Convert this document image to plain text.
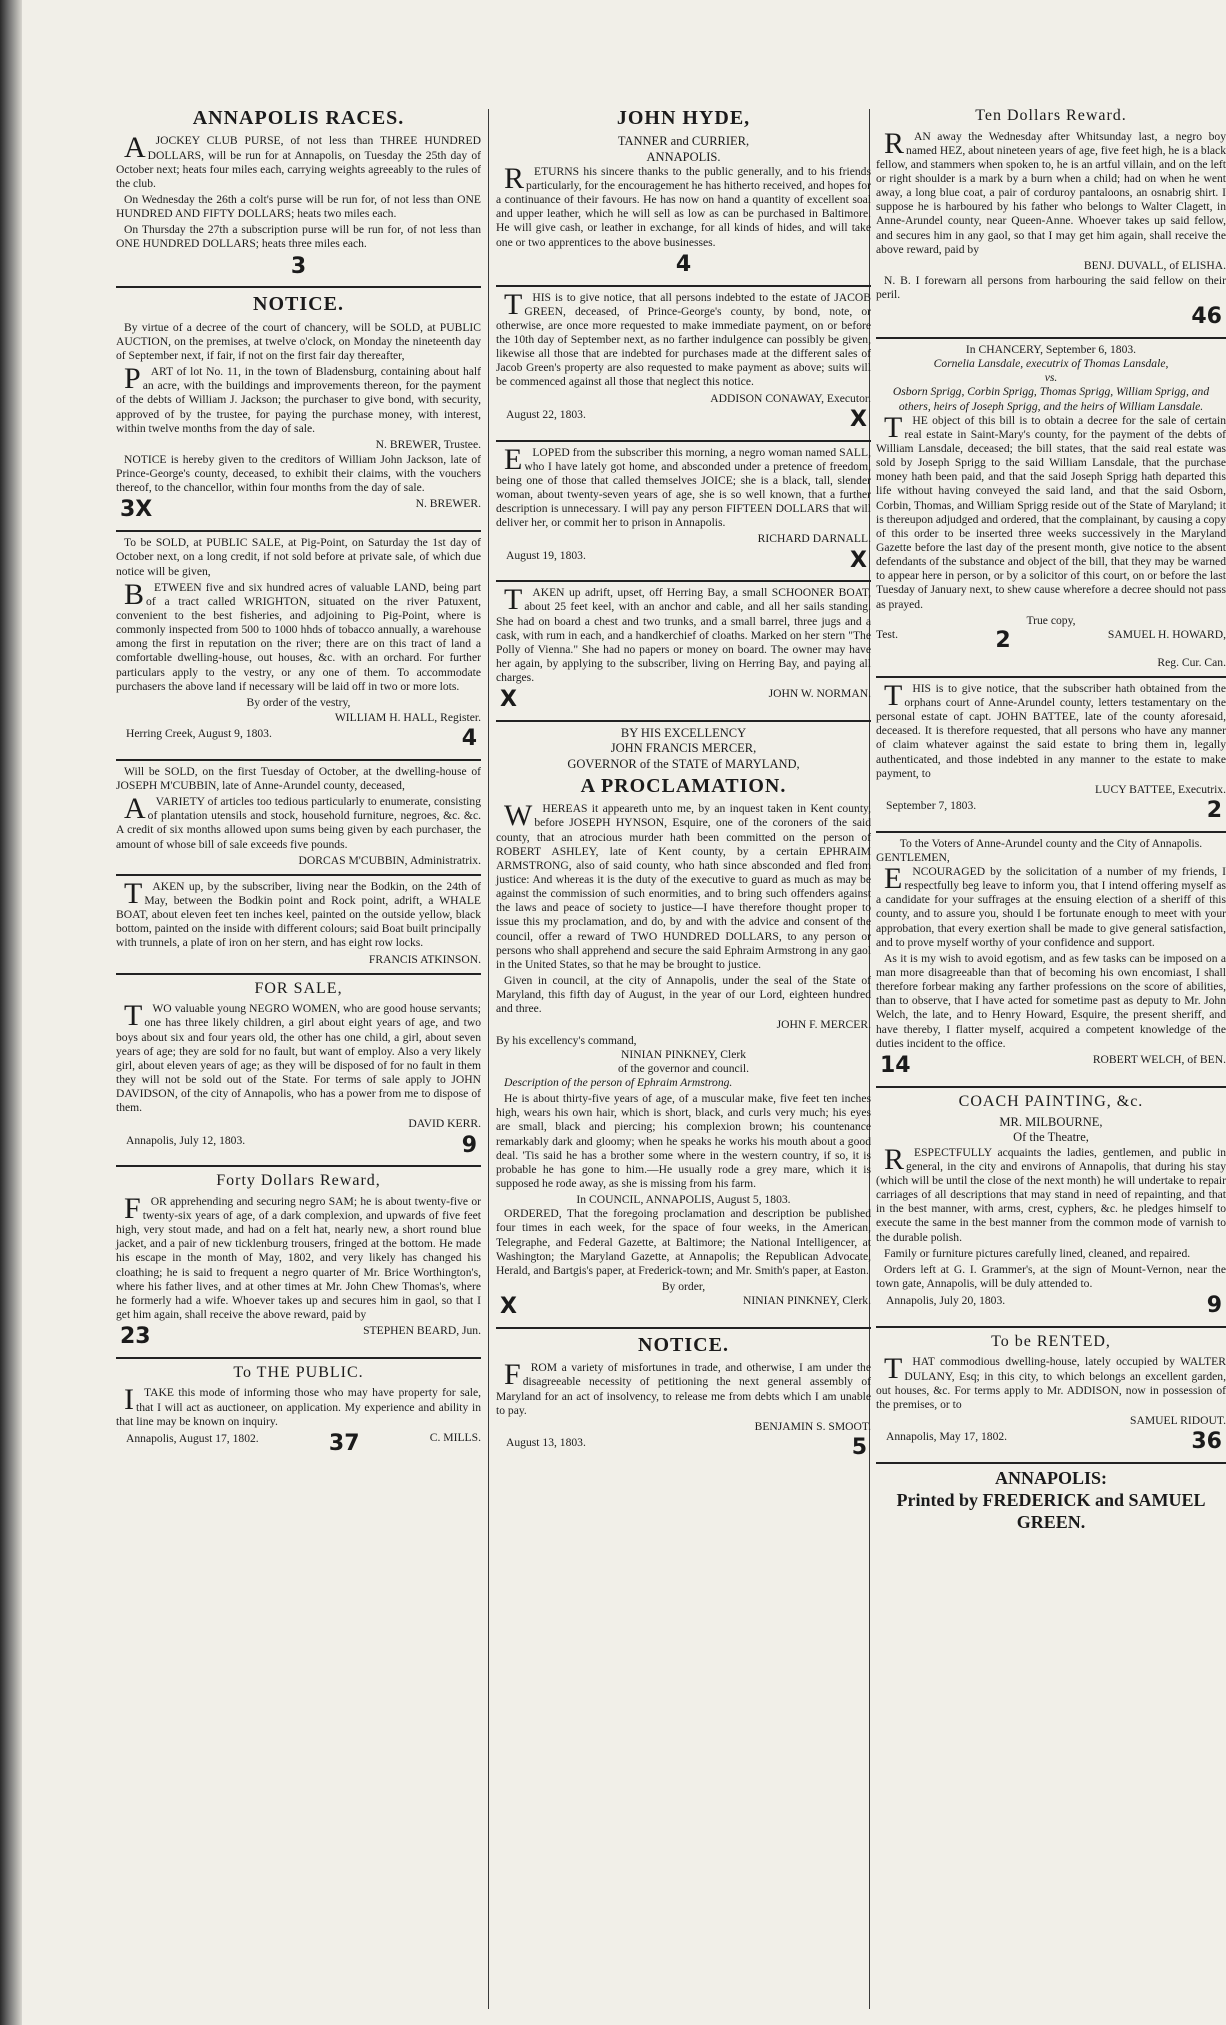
ANNAPOLIS RACES.

AJOCKEY CLUB PURSE, of not less than THREE HUNDRED DOLLARS, will be run for at Annapolis, on Tuesday the 25th day of October next; heats four miles each, carrying weights agreeably to the rules of the club.

On Wednesday the 26th a colt's purse will be run for, of not less than ONE HUNDRED AND FIFTY DOLLARS; heats two miles each.

On Thursday the 27th a subscription purse will be run for, of not less than ONE HUNDRED DOLLARS; heats three miles each.

3
NOTICE.

By virtue of a decree of the court of chancery, will be SOLD, at PUBLIC AUCTION, on the premises, at twelve o'clock, on Monday the nineteenth day of September next, if fair, if not on the first fair day thereafter,

PART of lot No. 11, in the town of Bladensburg, containing about half an acre, with the buildings and improvements thereon, for the payment of the debts of William J. Jackson; the purchaser to give bond, with security, approved of by the trustee, for paying the purchase money, with interest, within twelve months from the day of sale.

N. BREWER, Trustee.

NOTICE is hereby given to the creditors of William John Jackson, late of Prince-George's county, deceased, to exhibit their claims, with the vouchers thereof, to the chancellor, within four months from the day of sale.

3X	N. BREWER.

To be SOLD, at PUBLIC SALE, at Pig-Point, on Saturday the 1st day of October next, on a long credit, if not sold before at private sale, of which due notice will be given,

BETWEEN five and six hundred acres of valuable LAND, being part of a tract called WRIGHTON, situated on the river Patuxent, convenient to the best fisheries, and adjoining to Pig-Point, where is commonly inspected from 500 to 1000 hhds of tobacco annually, a warehouse among the first in reputation on the river; there are on this tract of land a comfortable dwelling-house, out houses, &c. with an orchard. For further particulars apply to the vestry, or any one of them. To accommodate purchasers the above land if necessary will be laid off in two or more lots.

By order of the vestry,
WILLIAM H. HALL, Register.
Herring Creek, August 9, 1803.	4

Will be SOLD, on the first Tuesday of October, at the dwelling-house of JOSEPH M'CUBBIN, late of Anne-Arundel county, deceased,

AVARIETY of articles too tedious particularly to enumerate, consisting of plantation utensils and stock, household furniture, negroes, &c. &c. A credit of six months allowed upon sums being given by each purchaser, the amount of whose bill of sale exceeds five pounds.

DORCAS M'CUBBIN, Administratrix.

TAKEN up, by the subscriber, living near the Bodkin, on the 24th of May, between the Bodkin point and Rock point, adrift, a WHALE BOAT, about eleven feet ten inches keel, painted on the outside yellow, black bottom, painted on the inside with different colours; said Boat built principally with trunnels, a plate of iron on her stern, and has eight row locks.

FRANCIS ATKINSON.
FOR SALE,

TWO valuable young NEGRO WOMEN, who are good house servants; one has three likely children, a girl about eight years of age, and two boys about six and four years old, the other has one child, a girl, about seven years of age; they are sold for no fault, but want of employ. Also a very likely girl, about eleven years of age; as they will be disposed of for no fault in them they will not be sold out of the State. For terms of sale apply to JOHN DAVIDSON, of the city of Annapolis, who has a power from me to dispose of them.

DAVID KERR.
Annapolis, July 12, 1803.	9
Forty Dollars Reward,

FOR apprehending and securing negro SAM; he is about twenty-five or twenty-six years of age, of a dark complexion, and upwards of five feet high, very stout made, and had on a felt hat, nearly new, a short round blue jacket, and a pair of new ticklenburg trousers, fringed at the bottom. He made his escape in the month of May, 1802, and very likely has changed his cloathing; he is said to frequent a negro quarter of Mr. Brice Worthington's, where his father lives, and at other times at Mr. John Chew Thomas's, where he formerly had a wife. Whoever takes up and secures him in gaol, so that I get him again, shall receive the above reward, paid by

23	STEPHEN BEARD, Jun.
To THE PUBLIC.

ITAKE this mode of informing those who may have property for sale, that I will act as auctioneer, on application. My experience and ability in that line may be known on inquiry.

Annapolis, August 17, 1802.	37	C. MILLS.
JOHN HYDE,
TANNER and CURRIER,
ANNAPOLIS.

RETURNS his sincere thanks to the public generally, and to his friends particularly, for the encouragement he has hitherto received, and hopes for a continuance of their favours. He has now on hand a quantity of excellent soal and upper leather, which he will sell as low as can be purchased in Baltimore. He will give cash, or leather in exchange, for all kinds of hides, and will take one or two apprentices to the above businesses.

4

THIS is to give notice, that all persons indebted to the estate of JACOB GREEN, deceased, of Prince-George's county, by bond, note, or otherwise, are once more requested to make immediate payment, on or before the 10th day of September next, as no farther indulgence can possibly be given, likewise all those that are indebted for purchases made at the different sales of Jacob Green's property are also requested to make payment as above; suits will be commenced against all those that neglect this notice.

ADDISON CONAWAY, Executor.
August 22, 1803.	X

ELOPED from the subscriber this morning, a negro woman named SALL, who I have lately got home, and absconded under a pretence of freedom, being one of those that called themselves JOICE; she is a black, tall, slender woman, about twenty-seven years of age, she is so well known, that a further description is unnecessary. I will pay any person FIFTEEN DOLLARS that will deliver her, or commit her to prison in Annapolis.

RICHARD DARNALL.
August 19, 1803.	X

TAKEN up adrift, upset, off Herring Bay, a small SCHOONER BOAT, about 25 feet keel, with an anchor and cable, and all her sails standing. She had on board a chest and two trunks, and a small barrel, three jugs and a cask, with rum in each, and a handkerchief of cloaths. Marked on her stern "The Polly of Vienna." She had no papers or money on board. The owner may have her again, by applying to the subscriber, living on Herring Bay, and paying all charges.

X	JOHN W. NORMAN.
BY HIS EXCELLENCY
JOHN FRANCIS MERCER,
GOVERNOR of the STATE of MARYLAND,
A PROCLAMATION.

WHEREAS it appeareth unto me, by an inquest taken in Kent county, before JOSEPH HYNSON, Esquire, one of the coroners of the said county, that an atrocious murder hath been committed on the person of ROBERT ASHLEY, late of Kent county, by a certain EPHRAIM ARMSTRONG, also of said county, who hath since absconded and fled from justice: And whereas it is the duty of the executive to guard as much as may be against the commission of such enormities, and to bring such offenders against the laws and peace of society to justice—I have therefore thought proper to issue this my proclamation, and do, by and with the advice and consent of the council, offer a reward of TWO HUNDRED DOLLARS, to any person or persons who shall apprehend and secure the said Ephraim Armstrong in any gaol in the United States, so that he may be brought to justice.

Given in council, at the city of Annapolis, under the seal of the State of Maryland, this fifth day of August, in the year of our Lord, eighteen hundred and three.

JOHN F. MERCER.
By his excellency's command,
NINIAN PINKNEY, Clerk
of the governor and council.

Description of the person of Ephraim Armstrong.

He is about thirty-five years of age, of a muscular make, five feet ten inches high, wears his own hair, which is short, black, and curls very much; his eyes are small, black and piercing; his complexion brown; his countenance remarkably dark and gloomy; when he speaks he works his mouth about a good deal. 'Tis said he has a brother some where in the western country, if so, it is probable he has gone to him.—He usually rode a grey mare, which it is supposed he rode away, as she is missing from his farm.

In COUNCIL, ANNAPOLIS, August 5, 1803.

ORDERED, That the foregoing proclamation and description be published four times in each week, for the space of four weeks, in the American, Telegraphe, and Federal Gazette, at Baltimore; the National Intelligencer, at Washington; the Maryland Gazette, at Annapolis; the Republican Advocate, Herald, and Bartgis's paper, at Frederick-town; and Mr. Smith's paper, at Easton.

By order,
X	NINIAN PINKNEY, Clerk.
NOTICE.

FROM a variety of misfortunes in trade, and otherwise, I am under the disagreeable necessity of petitioning the next general assembly of Maryland for an act of insolvency, to release me from debts which I am unable to pay.

BENJAMIN S. SMOOT.
August 13, 1803.	5
Ten Dollars Reward.

RAN away the Wednesday after Whitsunday last, a negro boy named HEZ, about nineteen years of age, five feet high, he is a black fellow, and stammers when spoken to, he is an artful villain, and on the left or right shoulder is a mark by a burn when a child; had on when he went away, a long blue coat, a pair of corduroy pantaloons, an osnabrig shirt. I suppose he is harboured by his father who belongs to Walter Clagett, in Anne-Arundel county, near Queen-Anne. Whoever takes up said fellow, and secures him in any gaol, so that I may get him again, shall receive the above reward, paid by

BENJ. DUVALL, of ELISHA.

N. B. I forewarn all persons from harbouring the said fellow on their peril.

46
In CHANCERY, September 6, 1803.
Cornelia Lansdale, executrix of Thomas Lansdale,
vs.
Osborn Sprigg, Corbin Sprigg, Thomas Sprigg, William Sprigg, and others, heirs of Joseph Sprigg, and the heirs of William Lansdale.

THE object of this bill is to obtain a decree for the sale of certain real estate in Saint-Mary's county, for the payment of the debts of William Lansdale, deceased; the bill states, that the said real estate was sold by Joseph Sprigg to the said William Lansdale, that the purchase money hath been paid, and that the said Joseph Sprigg hath departed this life without having conveyed the said land, and that the said Osborn, Corbin, Thomas, and William Sprigg reside out of the State of Maryland; it is thereupon adjudged and ordered, that the complainant, by causing a copy of this order to be inserted three weeks successively in the Maryland Gazette before the last day of the present month, give notice to the absent defendants of the substance and object of the bill, that they may be warned to appear here in person, or by a solicitor of this court, on or before the last Tuesday of January next, to shew cause wherefore a decree should not pass as prayed.

True copy,
Test.	2	SAMUEL H. HOWARD,
Reg. Cur. Can.

THIS is to give notice, that the subscriber hath obtained from the orphans court of Anne-Arundel county, letters testamentary on the personal estate of capt. JOHN BATTEE, late of the county aforesaid, deceased. It is therefore requested, that all persons who have any manner of claim whatever against the said estate to bring them in, legally authenticated, and those indebted in any manner to the estate to make payment, to

LUCY BATTEE, Executrix.
September 7, 1803.	2
To the Voters of Anne-Arundel county and the City of Annapolis.
GENTLEMEN,

ENCOURAGED by the solicitation of a number of my friends, I respectfully beg leave to inform you, that I intend offering myself as a candidate for your suffrages at the ensuing election of a sheriff of this county, and to assure you, should I be fortunate enough to meet with your approbation, that every exertion shall be made to give general satisfaction, and to prove myself worthy of your confidence and support.

As it is my wish to avoid egotism, and as few tasks can be imposed on a man more disagreeable than that of becoming his own encomiast, I shall therefore forbear making any farther professions on the score of abilities, than to observe, that I have acted for sometime past as deputy to Mr. John Welch, the late, and to Henry Howard, Esquire, the present sheriff, and have thereby, I flatter myself, acquired a competent knowledge of the duties incident to the office.

14	ROBERT WELCH, of BEN.
COACH PAINTING, &c.
MR. MILBOURNE,
Of the Theatre,

RESPECTFULLY acquaints the ladies, gentlemen, and public in general, in the city and environs of Annapolis, that during his stay (which will be until the close of the next month) he will undertake to repair carriages of all descriptions that may stand in need of repainting, and that in the best manner, with arms, crest, cyphers, &c. he pledges himself to execute the same in the best manner from the common mode of varnish to the durable polish.

Family or furniture pictures carefully lined, cleaned, and repaired.

Orders left at G. I. Grammer's, at the sign of Mount-Vernon, near the town gate, Annapolis, will be duly attended to.

Annapolis, July 20, 1803.	9
To be RENTED,

THAT commodious dwelling-house, lately occupied by WALTER DULANY, Esq; in this city, to which belongs an excellent garden, out houses, &c. For terms apply to Mr. ADDISON, now in possession of the premises, or to

SAMUEL RIDOUT.
Annapolis, May 17, 1802.	36
ANNAPOLIS:
Printed by FREDERICK and SAMUEL GREEN.
